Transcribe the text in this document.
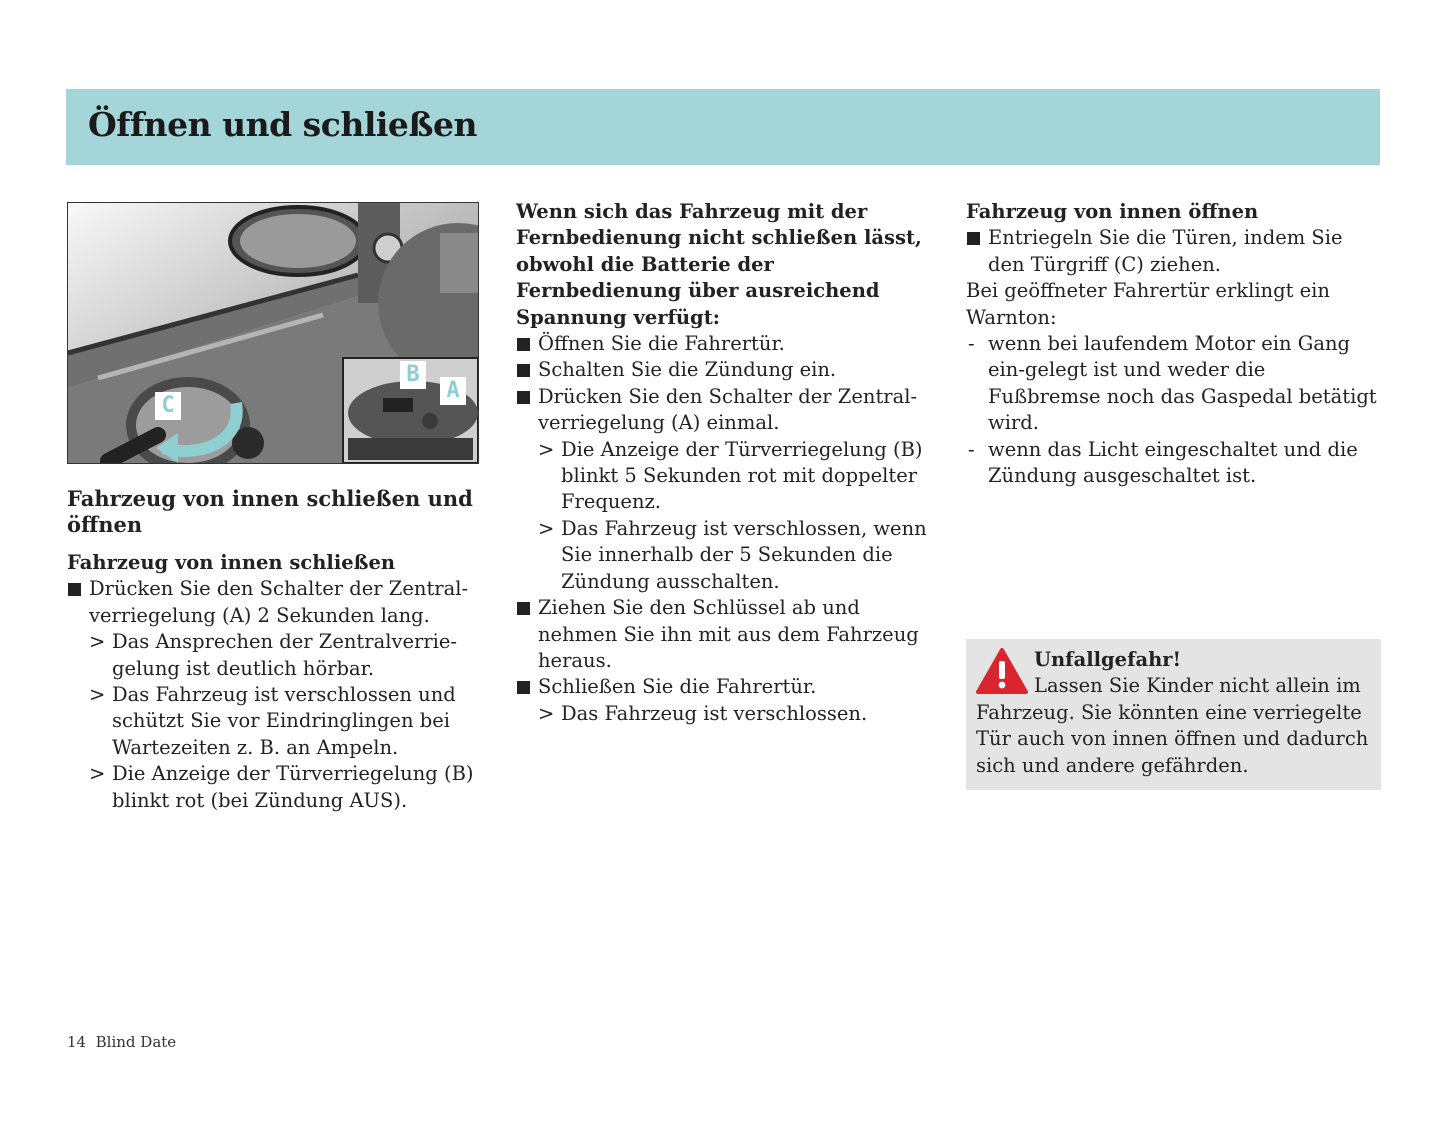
Öffnen und schließen
C
B
A
Fahrzeug von innen schließen und öffnen
Fahrzeug von innen schließen
Drücken Sie den Schalter der Zentral-verriegelung (A) 2 Sekunden lang.
> Das Ansprechen der Zentralverrie-gelung ist deutlich hörbar.
> Das Fahrzeug ist verschlossen und schützt Sie vor Eindringlingen bei Wartezeiten z. B. an Ampeln.
> Die Anzeige der Türverriegelung (B) blinkt rot (bei Zündung AUS).
Wenn sich das Fahrzeug mit der Fernbedienung nicht schließen lässt, obwohl die Batterie der Fernbedienung über ausreichend Spannung verfügt:
Öffnen Sie die Fahrertür.
Schalten Sie die Zündung ein.
Drücken Sie den Schalter der Zentral-verriegelung (A) einmal.
> Die Anzeige der Türverriegelung (B) blinkt 5 Sekunden rot mit doppelter Frequenz.
> Das Fahrzeug ist verschlossen, wenn Sie innerhalb der 5 Sekunden die Zündung ausschalten.
Ziehen Sie den Schlüssel ab und nehmen Sie ihn mit aus dem Fahrzeug heraus.
Schließen Sie die Fahrertür.
> Das Fahrzeug ist verschlossen.
Fahrzeug von innen öffnen
Entriegeln Sie die Türen, indem Sie den Türgriff (C) ziehen.
Bei geöffneter Fahrertür erklingt ein Warnton:
- wenn bei laufendem Motor ein Gang ein-gelegt ist und weder die Fußbremse noch das Gaspedal betätigt wird.
- wenn das Licht eingeschaltet und die Zündung ausgeschaltet ist.
Unfallgefahr!
Lassen Sie Kinder nicht allein im Fahrzeug. Sie könnten eine verriegelte Tür auch von innen öffnen und dadurch sich und andere gefährden.
14 Blind Date
